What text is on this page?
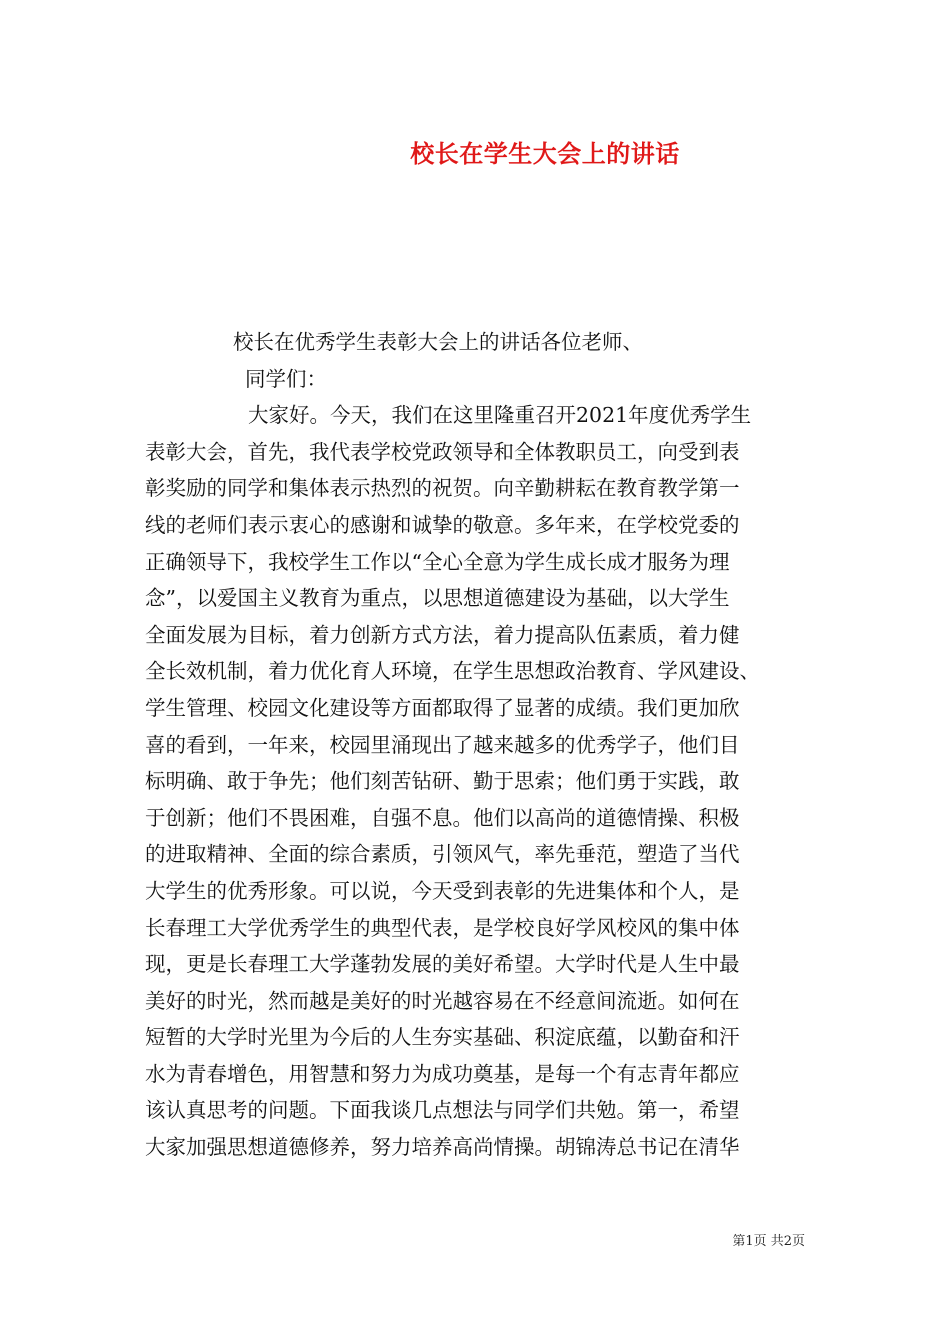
校长在学生大会上的讲话
校长在优秀学生表彰大会上的讲话各位老师、
同学们：
大家好。今天，我们在这里隆重召开2021年度优秀学生
表彰大会，首先，我代表学校党政领导和全体教职员工，向受到表
彰奖励的同学和集体表示热烈的祝贺。向辛勤耕耘在教育教学第一
线的老师们表示衷心的感谢和诚挚的敬意。多年来，在学校党委的
正确领导下，我校学生工作以“全心全意为学生成长成才服务为理
念”，以爱国主义教育为重点，以思想道德建设为基础，以大学生
全面发展为目标，着力创新方式方法，着力提高队伍素质，着力健
全长效机制，着力优化育人环境，在学生思想政治教育、学风建设、
学生管理、校园文化建设等方面都取得了显著的成绩。我们更加欣
喜的看到，一年来，校园里涌现出了越来越多的优秀学子，他们目
标明确、敢于争先；他们刻苦钻研、勤于思索；他们勇于实践，敢
于创新；他们不畏困难，自强不息。他们以高尚的道德情操、积极
的进取精神、全面的综合素质，引领风气，率先垂范，塑造了当代
大学生的优秀形象。可以说，今天受到表彰的先进集体和个人，是
长春理工大学优秀学生的典型代表，是学校良好学风校风的集中体
现，更是长春理工大学蓬勃发展的美好希望。大学时代是人生中最
美好的时光，然而越是美好的时光越容易在不经意间流逝。如何在
短暂的大学时光里为今后的人生夯实基础、积淀底蕴，以勤奋和汗
水为青春增色，用智慧和努力为成功奠基，是每一个有志青年都应
该认真思考的问题。下面我谈几点想法与同学们共勉。第一，希望
大家加强思想道德修养，努力培养高尚情操。胡锦涛总书记在清华
第1页 共2页
